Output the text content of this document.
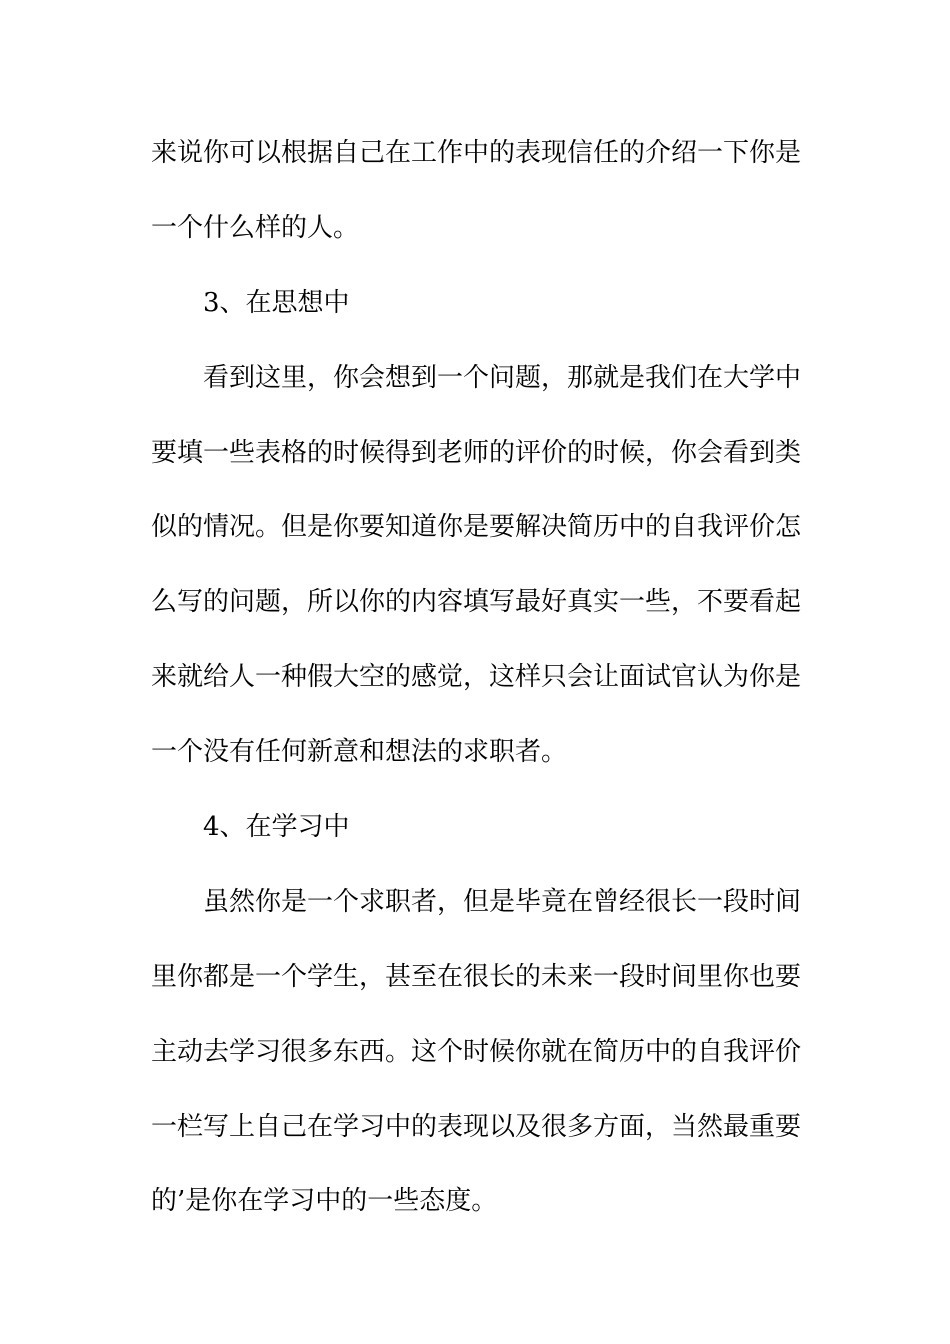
来说你可以根据自己在工作中的表现信任的介绍一下你是
一个什么样的人。
3、在思想中
看到这里，你会想到一个问题，那就是我们在大学中
要填一些表格的时候得到老师的评价的时候，你会看到类
似的情况。但是你要知道你是要解决简历中的自我评价怎
么写的问题，所以你的内容填写最好真实一些，不要看起
来就给人一种假大空的感觉，这样只会让面试官认为你是
一个没有任何新意和想法的求职者。
4、在学习中
虽然你是一个求职者，但是毕竟在曾经很长一段时间
里你都是一个学生，甚至在很长的未来一段时间里你也要
主动去学习很多东西。这个时候你就在简历中的自我评价
一栏写上自己在学习中的表现以及很多方面，当然最重要
的’是你在学习中的一些态度。
